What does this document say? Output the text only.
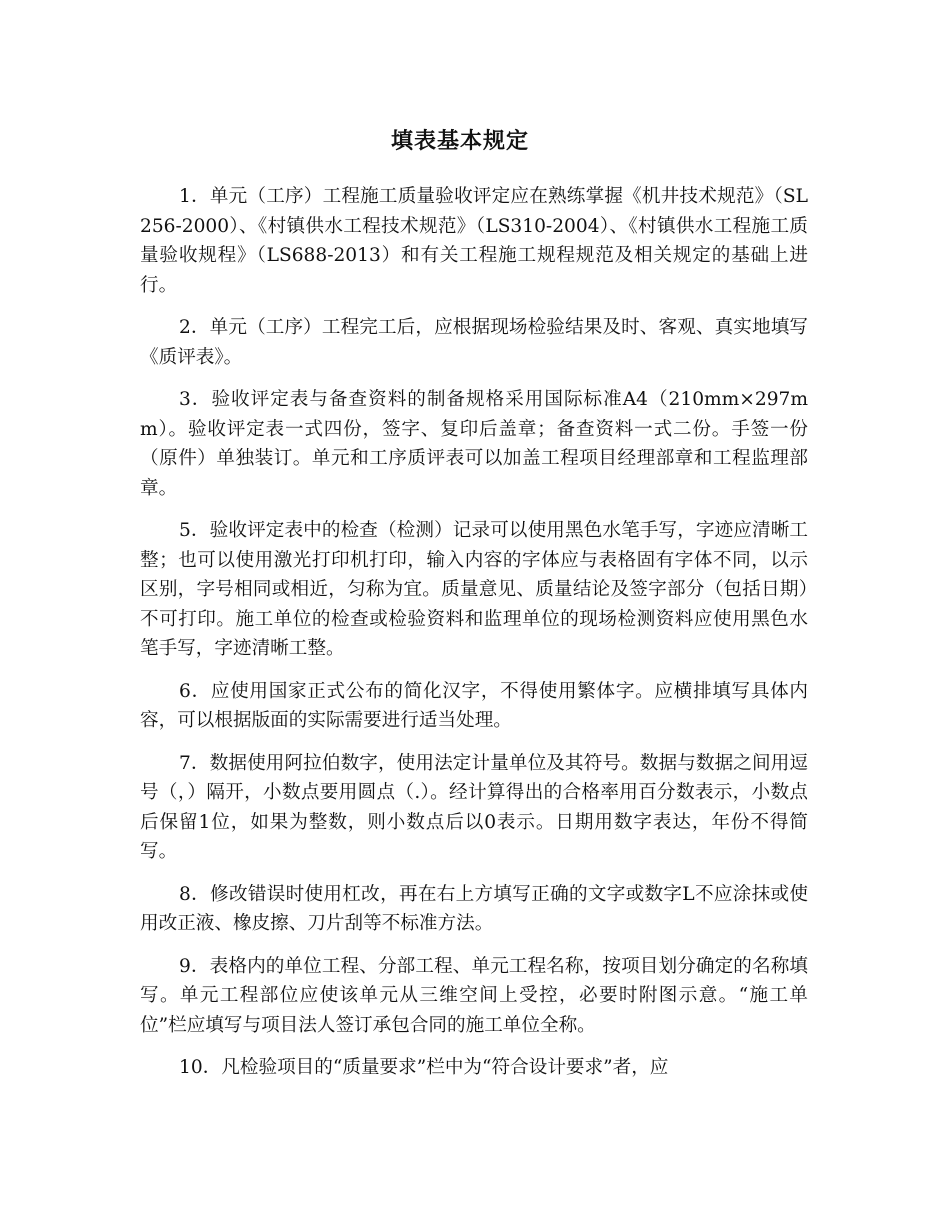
填表基本规定

1．单元（工序）工程施工质量验收评定应在熟练掌握《机井技术规范》（SL256-2000）、《村镇供水工程技术规范》（LS310-2004）、《村镇供水工程施工质量验收规程》（LS688-2013）和有关工程施工规程规范及相关规定的基础上进行。

2．单元（工序）工程完工后，应根据现场检验结果及时、客观、真实地填写《质评表》。

3．验收评定表与备查资料的制备规格采用国际标准A4（210mm×297mm）。验收评定表一式四份，签字、复印后盖章；备查资料一式二份。手签一份（原件）单独装订。单元和工序质评表可以加盖工程项目经理部章和工程监理部章。

5．验收评定表中的检查（检测）记录可以使用黑色水笔手写，字迹应清晰工整；也可以使用激光打印机打印，输入内容的字体应与表格固有字体不同，以示区别，字号相同或相近，匀称为宜。质量意见、质量结论及签字部分（包括日期）不可打印。施工单位的检查或检验资料和监理单位的现场检测资料应使用黑色水笔手写，字迹清晰工整。

6．应使用国家正式公布的简化汉字，不得使用繁体字。应横排填写具体内容，可以根据版面的实际需要进行适当处理。

7．数据使用阿拉伯数字，使用法定计量单位及其符号。数据与数据之间用逗号（，）隔开，小数点要用圆点（.）。经计算得出的合格率用百分数表示，小数点后保留1位，如果为整数，则小数点后以0表示。日期用数字表达，年份不得简写。

8．修改错误时使用杠改，再在右上方填写正确的文字或数字L不应涂抹或使用改正液、橡皮擦、刀片刮等不标准方法。

9．表格内的单位工程、分部工程、单元工程名称，按项目划分确定的名称填写。单元工程部位应使该单元从三维空间上受控，必要时附图示意。“施工单位”栏应填写与项目法人签订承包合同的施工单位全称。

10．凡检验项目的“质量要求”栏中为“符合设计要求”者，应
